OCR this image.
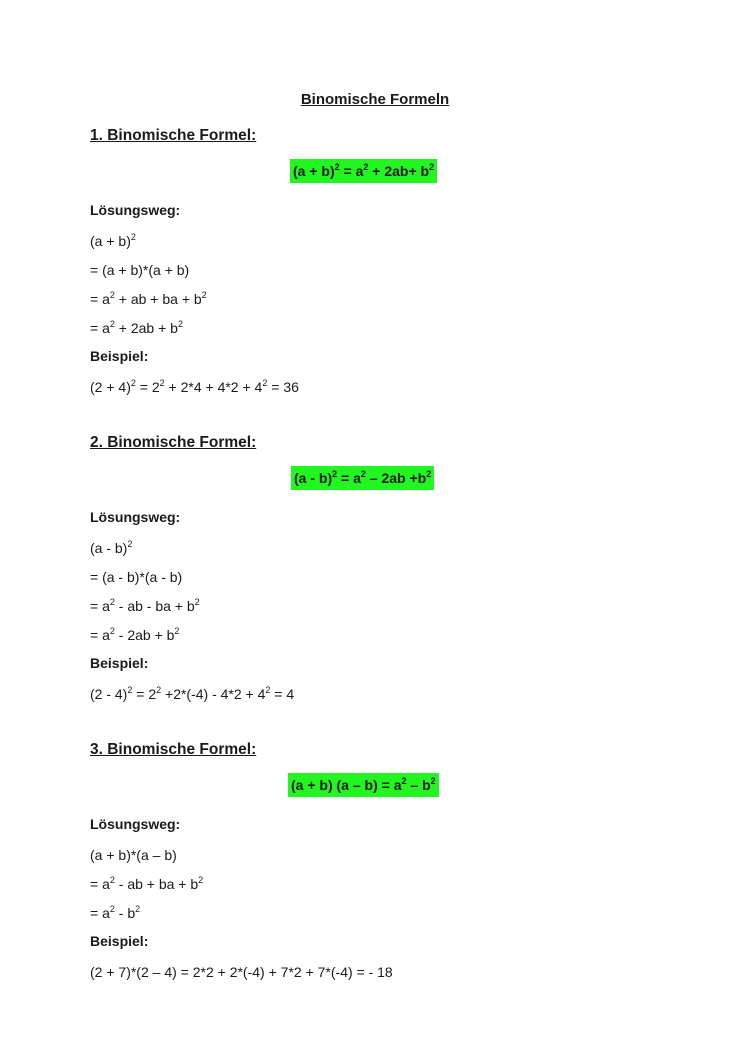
Binomische Formeln
1. Binomische Formel:
$(a + b)^2 = a^2 + 2ab+ b^2$
Lösungsweg:
$(a + b)^2$
= (a + b)*(a + b)
= $a^2$ + ab + ba + $b^2$
= $a^2 + 2ab + b^2$
Beispiel:
$(2 + 4)^2 = 2^2 + 2*4 + 4*2 + 4^2 = 36$
2. Binomische Formel:
$(a - b)^2 = a^2 - 2ab +b^2$
Lösungsweg:
(a - b)$^2$
= (a - b)*(a - b)
= $a^2$ - ab - ba + $b^2$
= $a^2 - 2ab + b^2$
Beispiel:
$(2 - 4)^2 = 2^2 +2*(-4) - 4*2 + 4^2 = 4$
3. Binomische Formel:
(a + b) $(a - b) = a^2 - b^2$
Lösungsweg:
(a + b)*(a – b)
= $a^2$ - ab + ba + $b^2$
= $a^2 - b^2$
Beispiel:
(2 + 7)*(2 – 4) = 2*2 + 2*(-4) + 7*2 + 7*(-4) = - 18
